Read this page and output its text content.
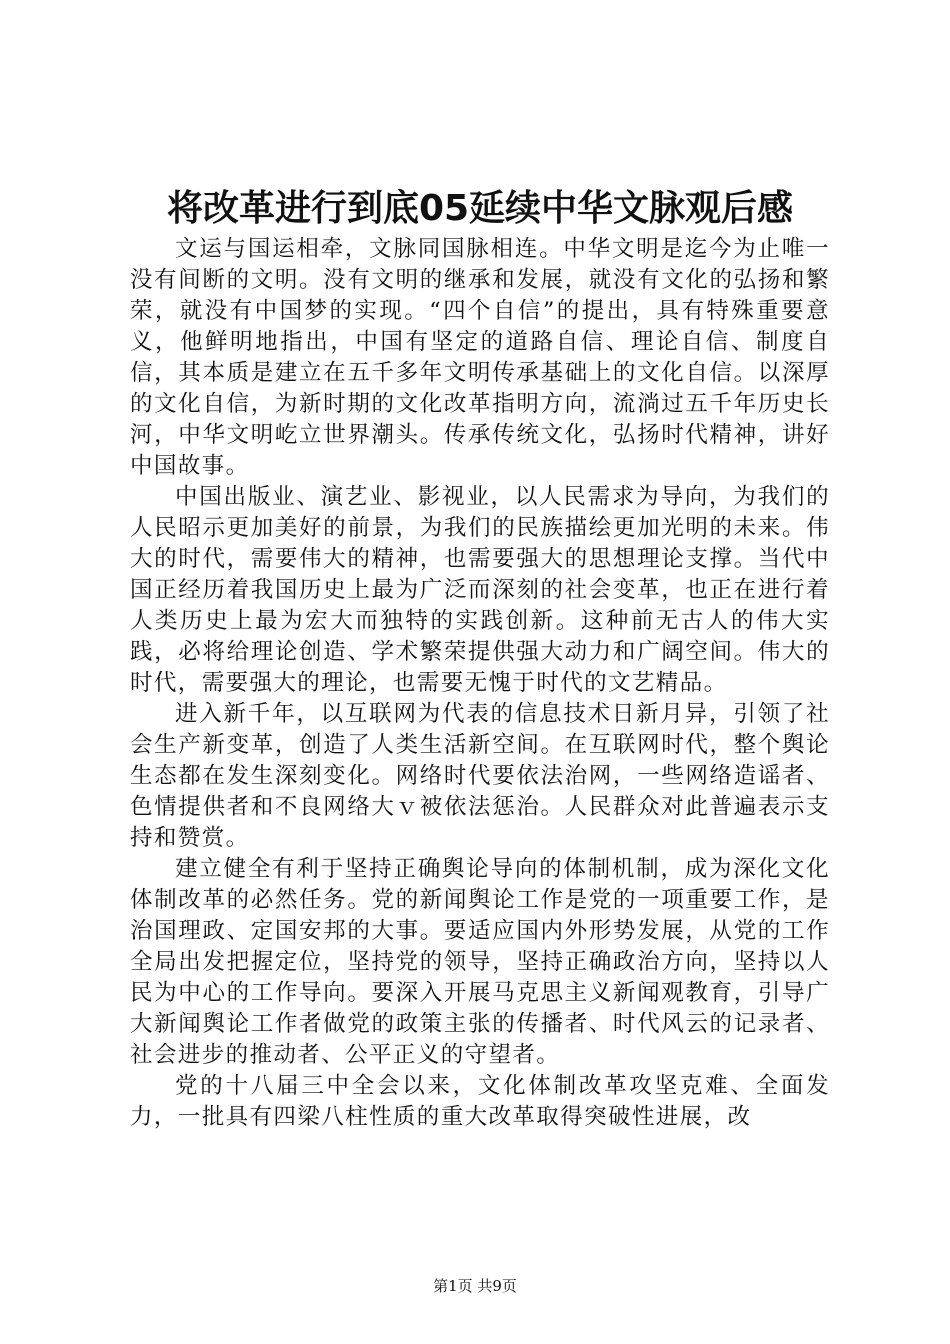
将改革进行到底05延续中华文脉观后感

文运与国运相牵，文脉同国脉相连。中华文明是迄今为止唯一没有间断的文明。没有文明的继承和发展，就没有文化的弘扬和繁荣，就没有中国梦的实现。“四个自信”的提出，具有特殊重要意义，他鲜明地指出，中国有坚定的道路自信、理论自信、制度自信，其本质是建立在五千多年文明传承基础上的文化自信。以深厚的文化自信，为新时期的文化改革指明方向，流淌过五千年历史长河，中华文明屹立世界潮头。传承传统文化，弘扬时代精神，讲好中国故事。

中国出版业、演艺业、影视业，以人民需求为导向，为我们的人民昭示更加美好的前景，为我们的民族描绘更加光明的未来。伟大的时代，需要伟大的精神，也需要强大的思想理论支撑。当代中国正经历着我国历史上最为广泛而深刻的社会变革，也正在进行着人类历史上最为宏大而独特的实践创新。这种前无古人的伟大实践，必将给理论创造、学术繁荣提供强大动力和广阔空间。伟大的时代，需要强大的理论，也需要无愧于时代的文艺精品。

进入新千年，以互联网为代表的信息技术日新月异，引领了社会生产新变革，创造了人类生活新空间。在互联网时代，整个舆论生态都在发生深刻变化。网络时代要依法治网，一些网络造谣者、色情提供者和不良网络大ｖ被依法惩治。人民群众对此普遍表示支持和赞赏。

建立健全有利于坚持正确舆论导向的体制机制，成为深化文化体制改革的必然任务。党的新闻舆论工作是党的一项重要工作，是治国理政、定国安邦的大事。要适应国内外形势发展，从党的工作全局出发把握定位，坚持党的领导，坚持正确政治方向，坚持以人民为中心的工作导向。要深入开展马克思主义新闻观教育，引导广大新闻舆论工作者做党的政策主张的传播者、时代风云的记录者、社会进步的推动者、公平正义的守望者。

党的十八届三中全会以来，文化体制改革攻坚克难、全面发力，一批具有四梁八柱性质的重大改革取得突破性进展，改

第1页 共9页
